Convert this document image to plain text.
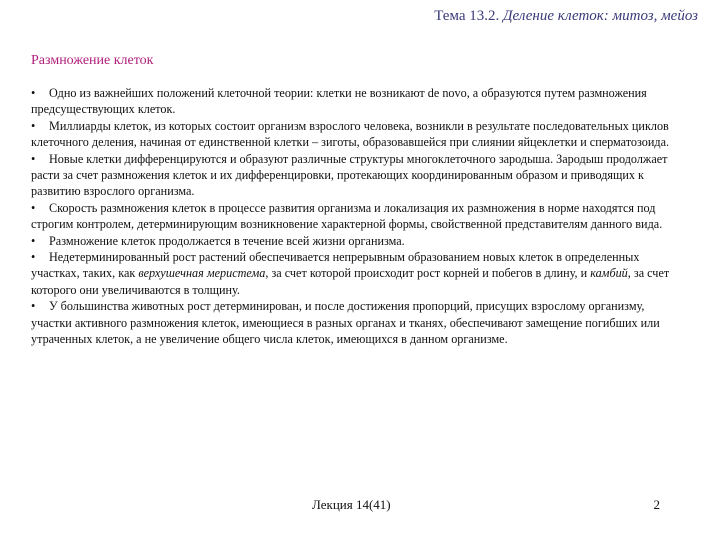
Тема 13.2. Деление клеток: митоз, мейоз
Размножение клеток

• Одно из важнейших положений клеточной теории: клетки не возникают de novo, а образуются путем размножения предсуществующих клеток.

• Миллиарды клеток, из которых состоит организм взрослого человека, возникли в результате последовательных циклов клеточного деления, начиная от единственной клетки – зиготы, образовавшейся при слиянии яйцеклетки и сперматозоида.

• Новые клетки дифференцируются и образуют различные структуры многоклеточного зародыша. Зародыш продолжает расти за счет размножения клеток и их дифференцировки, протекающих координированным образом и приводящих к развитию взрослого организма.

• Скорость размножения клеток в процессе развития организма и локализация их размножения в норме находятся под строгим контролем, детерминирующим возникновение характерной формы, свойственной представителям данного вида.

• Размножение клеток продолжается в течение всей жизни организма.

• Недетерминированный рост растений обеспечивается непрерывным образованием новых клеток в определенных участках, таких, как верхушечная меристема, за счет которой происходит рост корней и побегов в длину, и камбий, за счет которого они увеличиваются в толщину.

• У большинства животных рост детерминирован, и после достижения пропорций, присущих взрослому организму, участки активного размножения клеток, имеющиеся в разных органах и тканях, обеспечивают замещение погибших или утраченных клеток, а не увеличение общего числа клеток, имеющихся в данном организме.

Лекция 14(41)	2
